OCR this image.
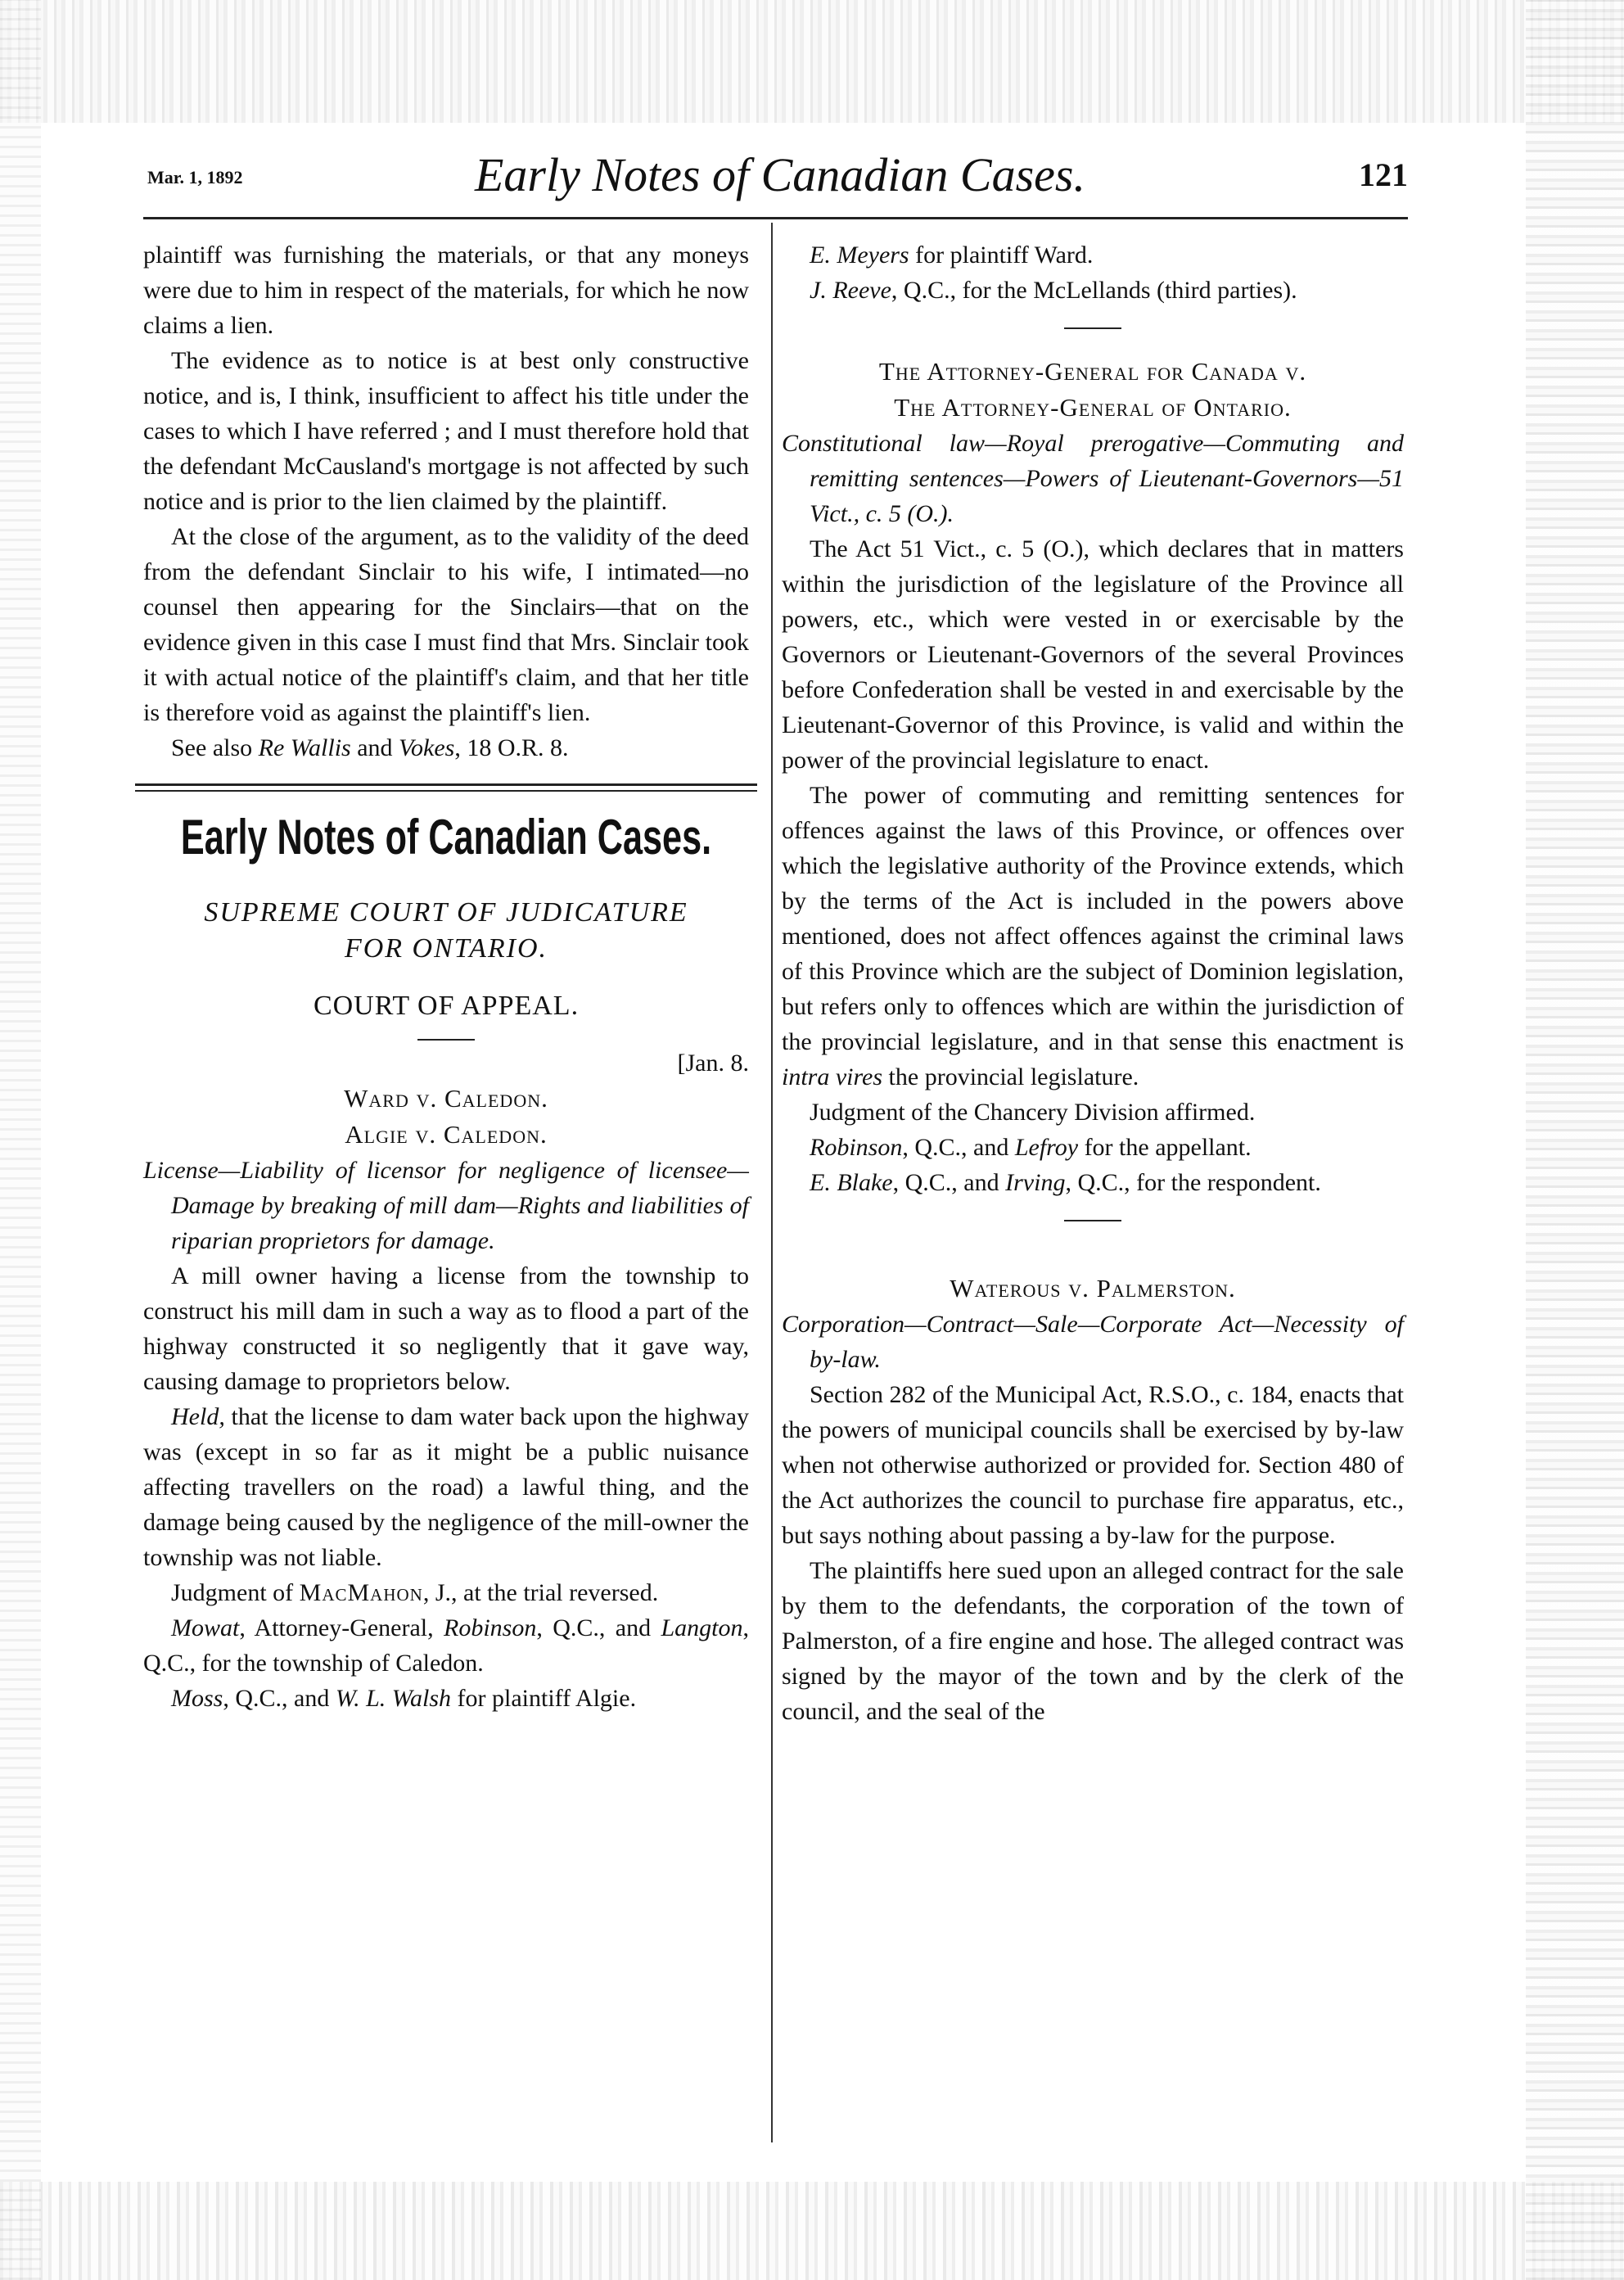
Mar. 1, 1892	Early Notes of Canadian Cases.	121

plaintiff was furnishing the materials, or that any moneys were due to him in respect of the materials, for which he now claims a lien.

The evidence as to notice is at best only constructive notice, and is, I think, insufficient to affect his title under the cases to which I have referred ; and I must therefore hold that the defendant McCausland's mortgage is not affected by such notice and is prior to the lien claimed by the plaintiff.

At the close of the argument, as to the validity of the deed from the defendant Sinclair to his wife, I intimated—no counsel then appearing for the Sinclairs—that on the evidence given in this case I must find that Mrs. Sinclair took it with actual notice of the plaintiff's claim, and that her title is therefore void as against the plaintiff's lien.

See also Re Wallis and Vokes, 18 O.R. 8.

Early Notes of Canadian Cases.
SUPREME COURT OF JUDICATURE
FOR ONTARIO.
COURT OF APPEAL.
[Jan. 8.
Ward v. Caledon.
Algie v. Caledon.

License—Liability of licensor for negligence of licensee—Damage by breaking of mill dam—Rights and liabilities of riparian proprietors for damage.

A mill owner having a license from the township to construct his mill dam in such a way as to flood a part of the highway constructed it so negligently that it gave way, causing damage to proprietors below.

Held, that the license to dam water back upon the highway was (except in so far as it might be a public nuisance affecting travellers on the road) a lawful thing, and the damage being caused by the negligence of the mill-owner the township was not liable.

Judgment of MacMahon, J., at the trial reversed.

Mowat, Attorney-General, Robinson, Q.C., and Langton, Q.C., for the township of Caledon.

Moss, Q.C., and W. L. Walsh for plaintiff Algie.

E. Meyers for plaintiff Ward.

J. Reeve, Q.C., for the McLellands (third parties).

The Attorney-General for Canada v.
The Attorney-General of Ontario.

Constitutional law—Royal prerogative—Commuting and remitting sentences—Powers of Lieutenant-Governors—51 Vict., c. 5 (O.).

The Act 51 Vict., c. 5 (O.), which declares that in matters within the jurisdiction of the legislature of the Province all powers, etc., which were vested in or exercisable by the Governors or Lieutenant-Governors of the several Provinces before Confederation shall be vested in and exercisable by the Lieutenant-Governor of this Province, is valid and within the power of the provincial legislature to enact.

The power of commuting and remitting sentences for offences against the laws of this Province, or offences over which the legislative authority of the Province extends, which by the terms of the Act is included in the powers above mentioned, does not affect offences against the criminal laws of this Province which are the subject of Dominion legislation, but refers only to offences which are within the jurisdiction of the provincial legislature, and in that sense this enactment is intra vires the provincial legislature.

Judgment of the Chancery Division affirmed.

Robinson, Q.C., and Lefroy for the appellant.

E. Blake, Q.C., and Irving, Q.C., for the respondent.

Waterous v. Palmerston.

Corporation—Contract—Sale—Corporate Act—Necessity of by-law.

Section 282 of the Municipal Act, R.S.O., c. 184, enacts that the powers of municipal councils shall be exercised by by-law when not otherwise authorized or provided for. Section 480 of the Act authorizes the council to purchase fire apparatus, etc., but says nothing about passing a by-law for the purpose.

The plaintiffs here sued upon an alleged contract for the sale by them to the defendants, the corporation of the town of Palmerston, of a fire engine and hose. The alleged contract was signed by the mayor of the town and by the clerk of the council, and the seal of the
